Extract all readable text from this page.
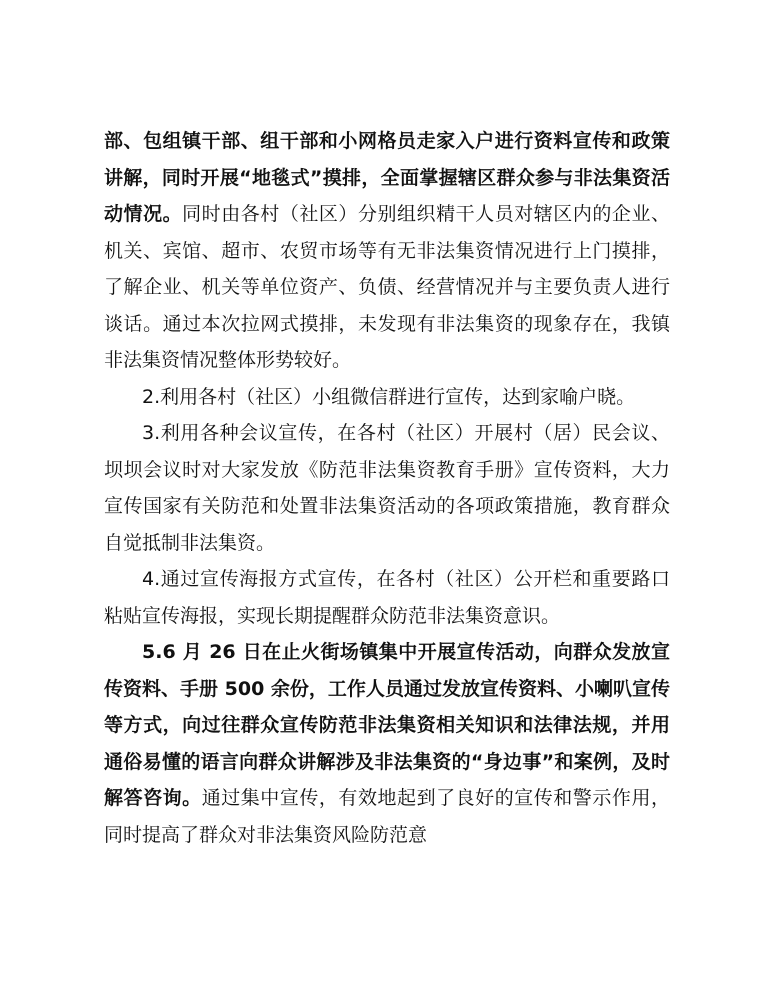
部、包组镇干部、组干部和小网格员走家入户进行资料宣传和政策讲解，同时开展“地毯式”摸排，全面掌握辖区群众参与非法集资活动情况。同时由各村（社区）分别组织精干人员对辖区内的企业、机关、宾馆、超市、农贸市场等有无非法集资情况进行上门摸排，了解企业、机关等单位资产、负债、经营情况并与主要负责人进行谈话。通过本次拉网式摸排，未发现有非法集资的现象存在，我镇非法集资情况整体形势较好。

2.利用各村（社区）小组微信群进行宣传，达到家喻户晓。

3.利用各种会议宣传，在各村（社区）开展村（居）民会议、坝坝会议时对大家发放《防范非法集资教育手册》宣传资料，大力宣传国家有关防范和处置非法集资活动的各项政策措施，教育群众自觉抵制非法集资。

4.通过宣传海报方式宣传，在各村（社区）公开栏和重要路口粘贴宣传海报，实现长期提醒群众防范非法集资意识。

5.6 月 26 日在止火街场镇集中开展宣传活动，向群众发放宣传资料、手册 500 余份，工作人员通过发放宣传资料、小喇叭宣传等方式，向过往群众宣传防范非法集资相关知识和法律法规，并用通俗易懂的语言向群众讲解涉及非法集资的“身边事”和案例，及时解答咨询。通过集中宣传，有效地起到了良好的宣传和警示作用，同时提高了群众对非法集资风险防范意
